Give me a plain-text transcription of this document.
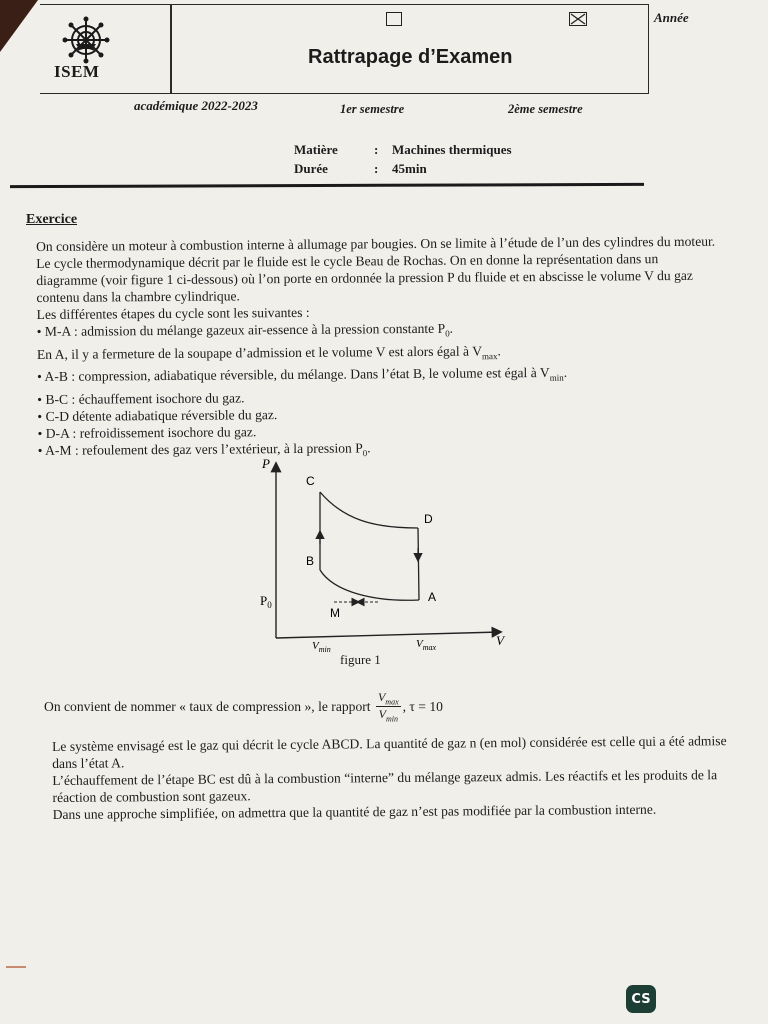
ISEM
Rattrapage d’Examen
Année
académique 2022-2023	1er semestre	2ème semestre
Matière	:	Machines thermiques
Durée	:	45min
Exercice

On considère un moteur à combustion interne à allumage par bougies. On se limite à l’étude de l’un des cylindres du moteur.

Le cycle thermodynamique décrit par le fluide est le cycle Beau de Rochas. On en donne la représentation dans un diagramme (voir figure 1 ci-dessous) où l’on porte en ordonnée la pression P du fluide et en abscisse le volume V du gaz contenu dans la chambre cylindrique.

Les différentes étapes du cycle sont les suivantes :

• M-A : admission du mélange gazeux air-essence à la pression constante $P_0$.

En A, il y a fermeture de la soupape d’admission et le volume V est alors égal à $V_{max}$.

• A-B : compression, adiabatique réversible, du mélange. Dans l’état B, le volume est égal à $V_{min}$.

• B-C : échauffement isochore du gaz.

• C-D détente adiabatique réversible du gaz.

• D-A : refroidissement isochore du gaz.

• A-M : refoulement des gaz vers l’extérieur, à la pression $P_0$.

P
V
$P_0$
C
D
B
A
M
$V_{min}$	$V_{max}$
figure 1
On convient de nommer « taux de compression », le rapport
$\frac{V_{max}}{V_{min}}$ , τ = 10

Le système envisagé est le gaz qui décrit le cycle ABCD. La quantité de gaz n (en mol) considérée est celle qui a été admise dans l’état A.

L’échauffement de l’étape BC est dû à la combustion “interne” du mélange gazeux admis. Les réactifs et les produits de la réaction de combustion sont gazeux.

Dans une approche simplifiée, on admettra que la quantité de gaz n’est pas modifiée par la combustion interne.

CS
